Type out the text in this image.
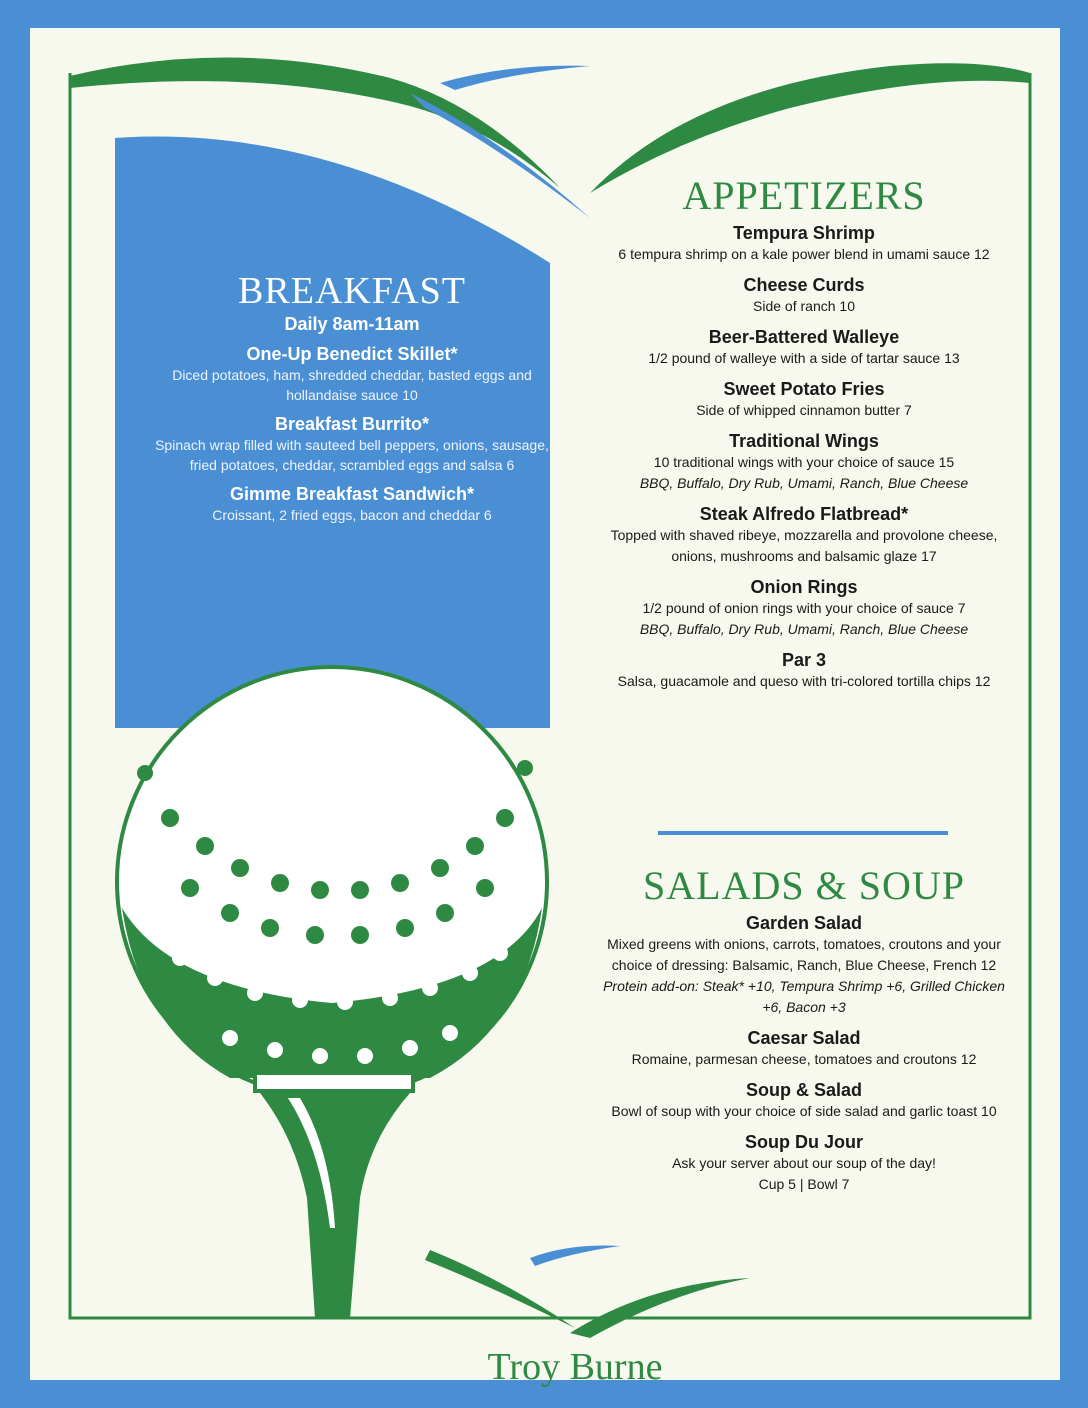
BREAKFAST
Daily 8am-11am
One-Up Benedict Skillet*
Diced potatoes, ham, shredded cheddar, basted eggs and hollandaise sauce 10
Breakfast Burrito*
Spinach wrap filled with sauteed bell peppers, onions, sausage, fried potatoes, cheddar, scrambled eggs and salsa 6
Gimme Breakfast Sandwich*
Croissant, 2 fried eggs, bacon and cheddar 6
APPETIZERS
Tempura Shrimp
6 tempura shrimp on a kale power blend in umami sauce 12
Cheese Curds
Side of ranch 10
Beer-Battered Walleye
1/2 pound of walleye with a side of tartar sauce 13
Sweet Potato Fries
Side of whipped cinnamon butter 7
Traditional Wings
10 traditional wings with your choice of sauce 15
BBQ, Buffalo, Dry Rub, Umami, Ranch, Blue Cheese
Steak Alfredo Flatbread*
Topped with shaved ribeye, mozzarella and provolone cheese, onions, mushrooms and balsamic glaze 17
Onion Rings
1/2 pound of onion rings with your choice of sauce 7
BBQ, Buffalo, Dry Rub, Umami, Ranch, Blue Cheese
Par 3
Salsa, guacamole and queso with tri-colored tortilla chips 12
SALADS & SOUP
Garden Salad
Mixed greens with onions, carrots, tomatoes, croutons and your choice of dressing: Balsamic, Ranch, Blue Cheese, French 12
Protein add-on: Steak* +10, Tempura Shrimp +6, Grilled Chicken +6, Bacon +3
Caesar Salad
Romaine, parmesan cheese, tomatoes and croutons 12
Soup & Salad
Bowl of soup with your choice of side salad and garlic toast 10
Soup Du Jour
Ask your server about our soup of the day!
Cup 5 | Bowl 7
Troy Burne
